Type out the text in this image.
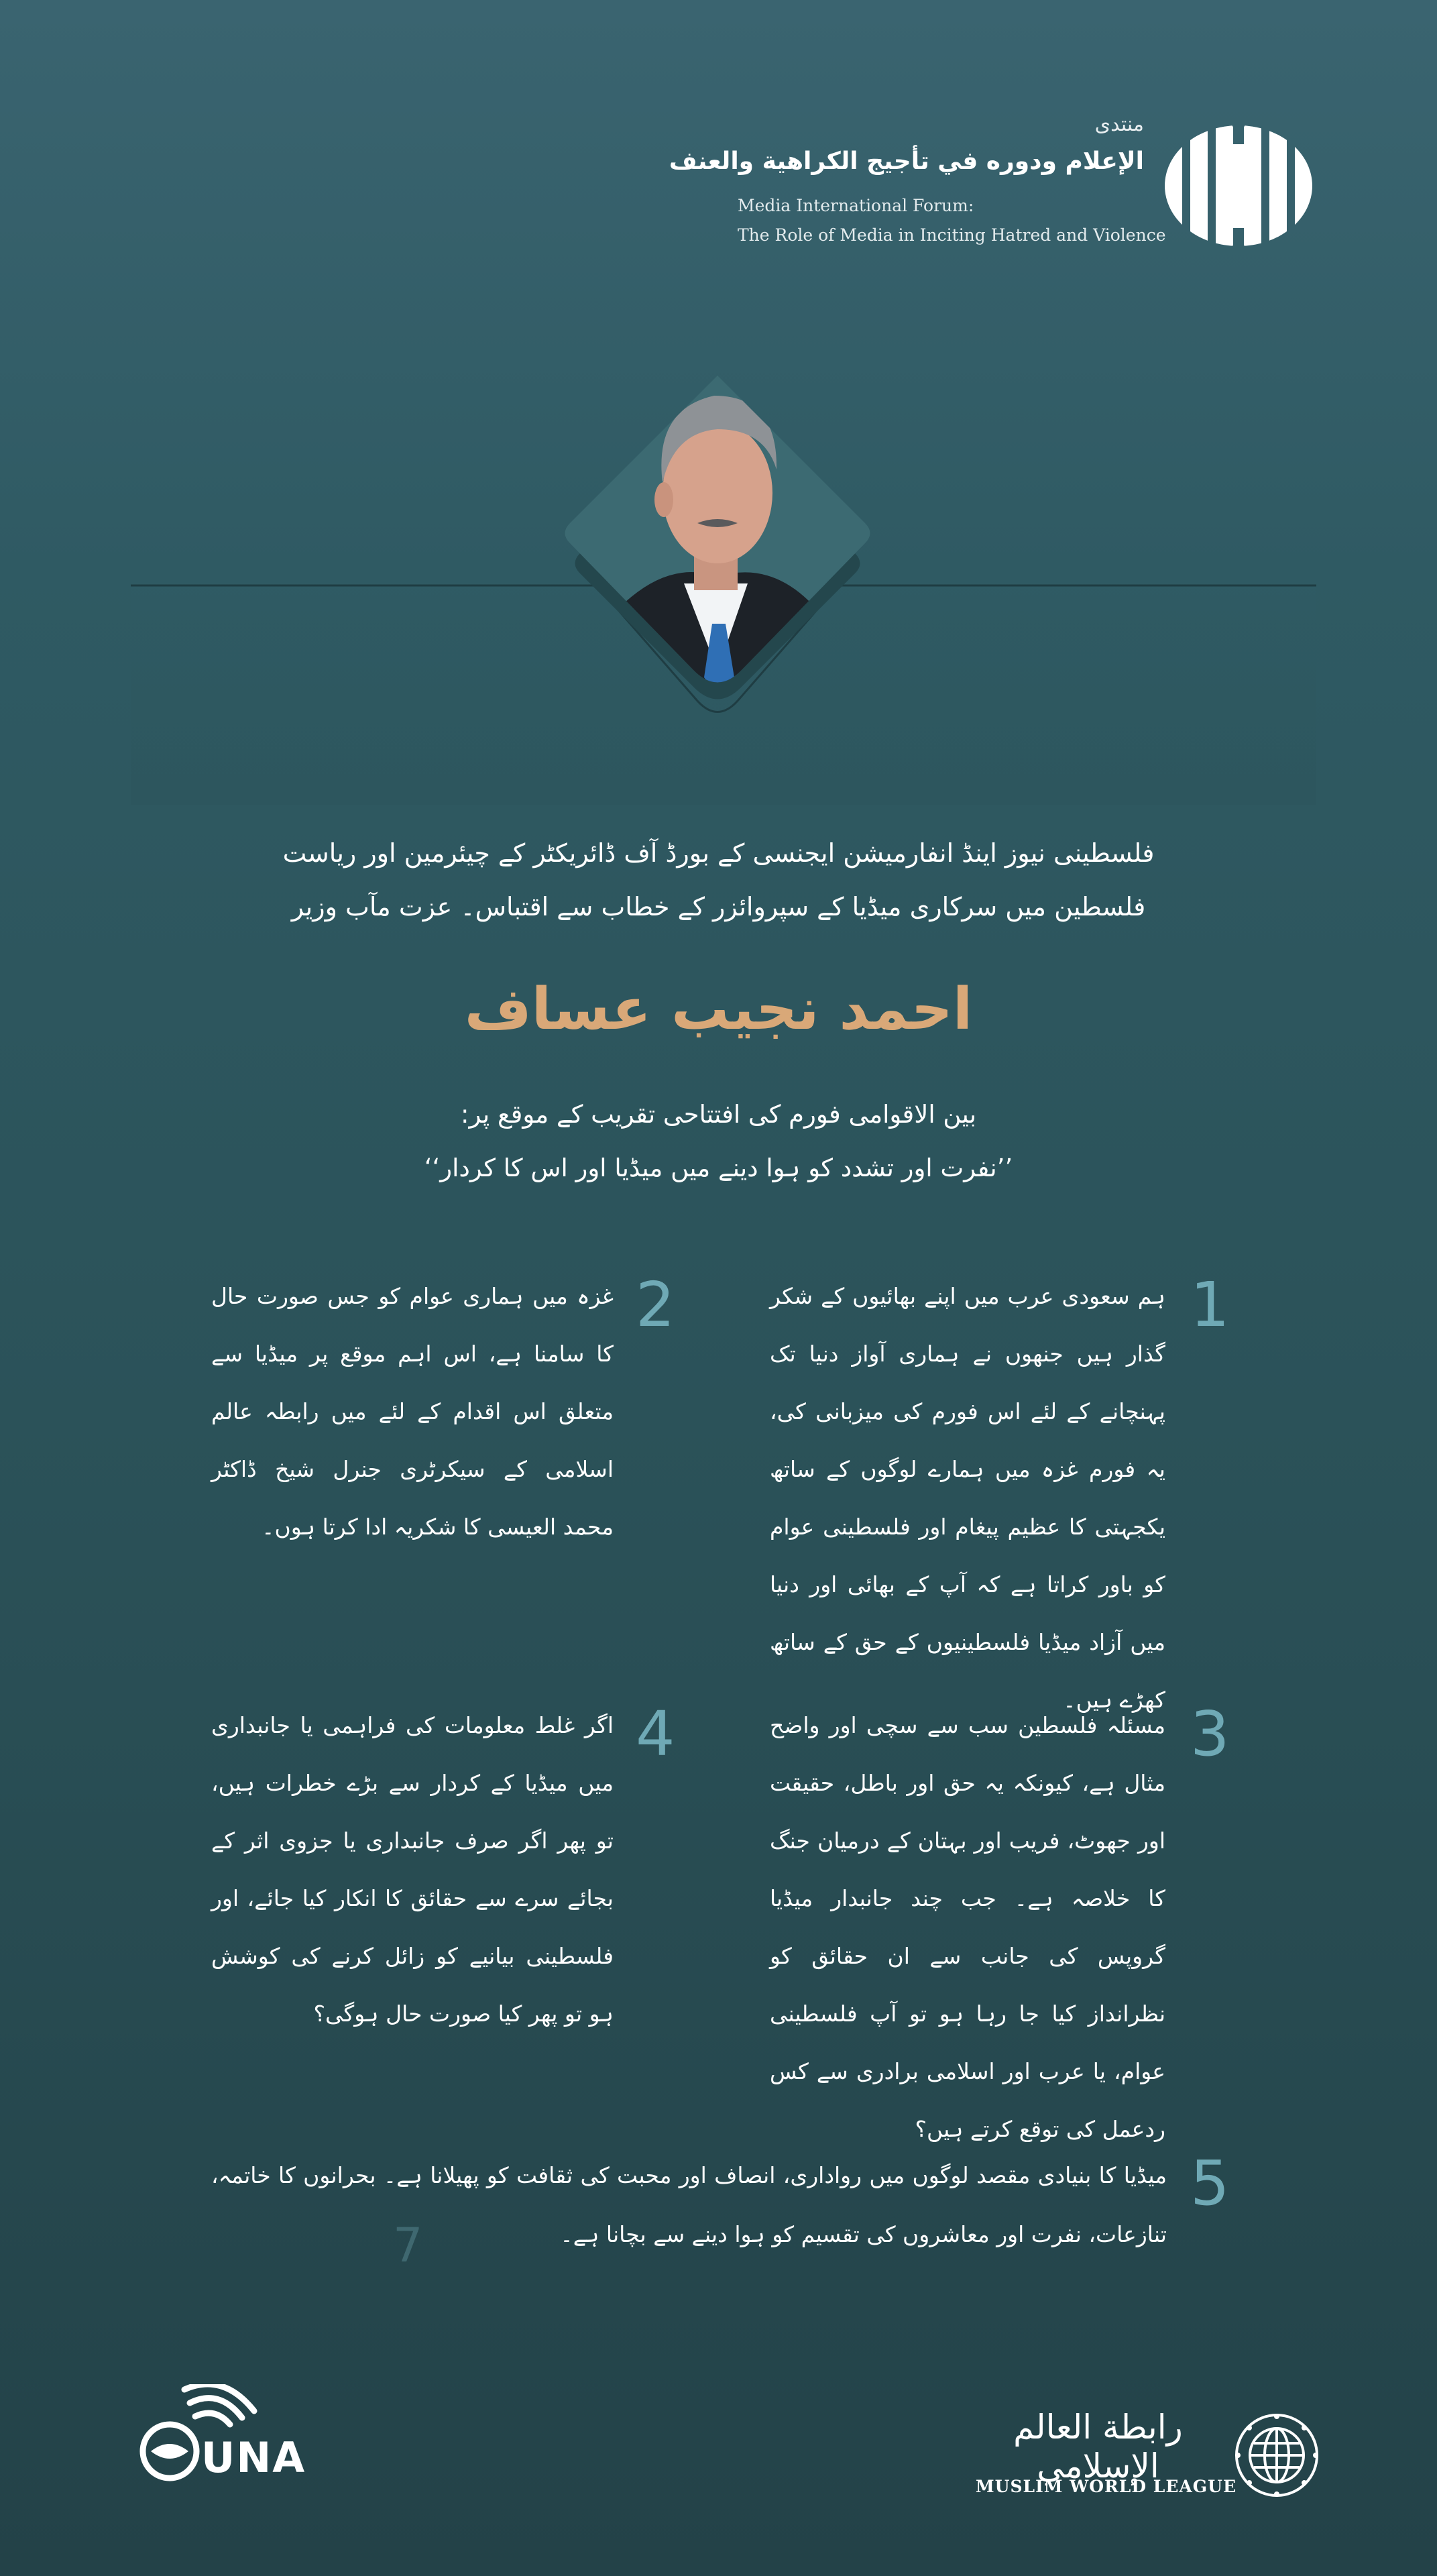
منتدى
الإعلام ودوره في تأجيج الكراهية والعنف
Media International Forum:
The Role of Media in Inciting Hatred and Violence
فلسطینی نیوز اینڈ انفارمیشن ایجنسی کے بورڈ آف ڈائریکٹر کے چیئرمین اور ریاست
فلسطین میں سرکاری میڈیا کے سپروائزر کے خطاب سے اقتباس۔ عزت مآب وزیر
احمد نجیب عساف
بین الاقوامی فورم کی افتتاحی تقریب کے موقع پر:
’’نفرت اور تشدد کو ہوا دینے میں میڈیا اور اس کا کردار‘‘
1
ہم سعودی عرب میں اپنے بھائیوں کے شکر گذار ہیں جنھوں نے ہماری آواز دنیا تک پہنچانے کے لئے اس فورم کی میزبانی کی، یہ فورم غزہ میں ہمارے لوگوں کے ساتھ یکجہتی کا عظیم پیغام اور فلسطینی عوام کو باور کراتا ہے کہ آپ کے بھائی اور دنیا میں آزاد میڈیا فلسطینیوں کے حق کے ساتھ کھڑے ہیں۔
2
غزہ میں ہماری عوام کو جس صورت حال کا سامنا ہے، اس اہم موقع پر میڈیا سے متعلق اس اقدام کے لئے میں رابطہ عالم اسلامی کے سیکرٹری جنرل شیخ ڈاکٹر محمد العیسی کا شکریہ ادا کرتا ہوں۔
3
مسئلہ فلسطین سب سے سچی اور واضح مثال ہے، کیونکہ یہ حق اور باطل، حقیقت اور جھوٹ، فریب اور بہتان کے درمیان جنگ کا خلاصہ ہے۔ جب چند جانبدار میڈیا گروپس کی جانب سے ان حقائق کو نظرانداز کیا جا رہا ہو تو آپ فلسطینی عوام، یا عرب اور اسلامی برادری سے کس ردعمل کی توقع کرتے ہیں؟
4
اگر غلط معلومات کی فراہمی یا جانبداری میں میڈیا کے کردار سے بڑے خطرات ہیں، تو پھر اگر صرف جانبداری یا جزوی اثر کے بجائے سرے سے حقائق کا انکار کیا جائے، اور فلسطینی بیانیے کو زائل کرنے کی کوشش ہو تو پھر کیا صورت حال ہوگی؟
5
میڈیا کا بنیادی مقصد لوگوں میں رواداری، انصاف اور محبت کی ثقافت کو پھیلانا ہے۔ بحرانوں کا خاتمہ، تنازعات، نفرت اور معاشروں کی تقسیم کو ہوا دینے سے بچانا ہے۔
7
UNA
رابطة العالم الإسلامي
MUSLIM WORLD LEAGUE
